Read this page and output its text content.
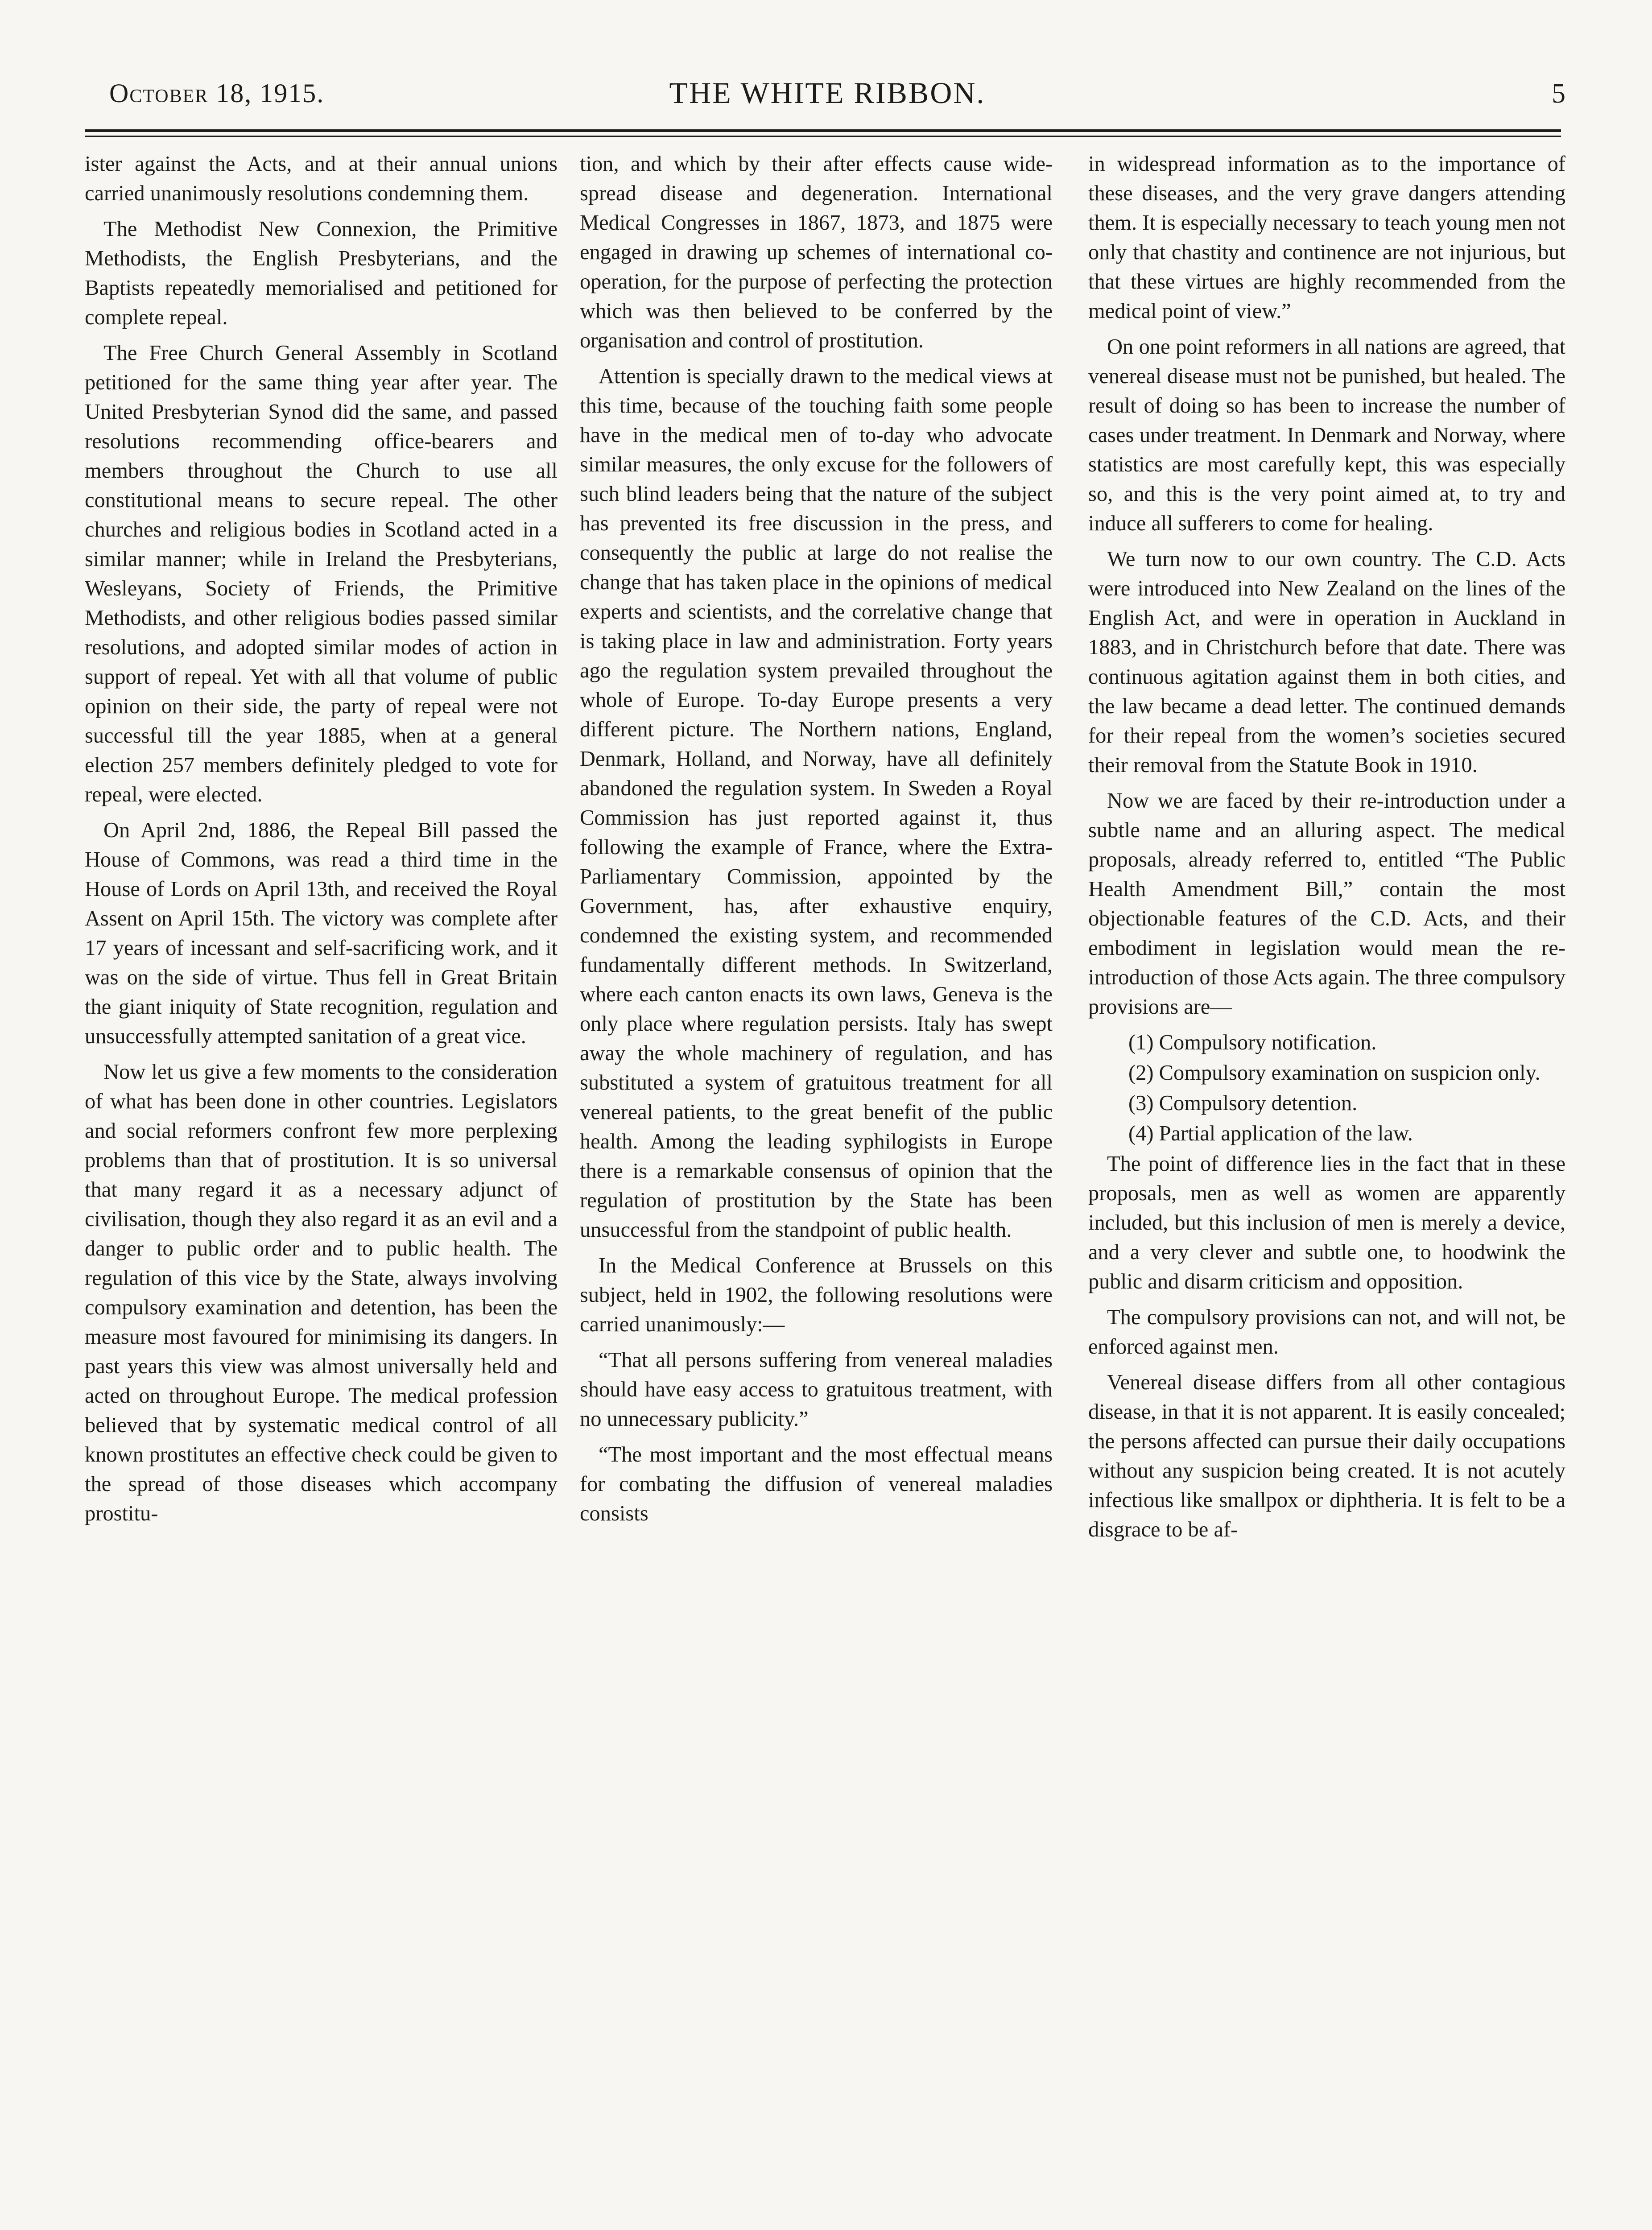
October 18, 1915.	THE WHITE RIBBON.	5

ister against the Acts, and at their annual unions carried unanimously resolutions condemning them.

The Methodist New Connexion, the Primitive Methodists, the English Presbyterians, and the Baptists repeatedly memorialised and petitioned for complete repeal.

The Free Church General Assembly in Scotland petitioned for the same thing year after year. The United Presbyterian Synod did the same, and passed resolutions recommending office-bearers and members throughout the Church to use all constitutional means to secure repeal. The other churches and religious bodies in Scotland acted in a similar manner; while in Ireland the Presbyterians, Wesleyans, Society of Friends, the Primitive Methodists, and other religious bodies passed similar resolutions, and adopted similar modes of action in support of repeal. Yet with all that volume of public opinion on their side, the party of repeal were not successful till the year 1885, when at a general election 257 members definitely pledged to vote for repeal, were elected.

On April 2nd, 1886, the Repeal Bill passed the House of Commons, was read a third time in the House of Lords on April 13th, and received the Royal Assent on April 15th. The victory was complete after 17 years of incessant and self-sacrificing work, and it was on the side of virtue. Thus fell in Great Britain the giant iniquity of State recognition, regulation and unsuccessfully attempted sanitation of a great vice.

Now let us give a few moments to the consideration of what has been done in other countries. Legislators and social reformers confront few more perplexing problems than that of prostitution. It is so universal that many regard it as a necessary adjunct of civilisation, though they also regard it as an evil and a danger to public order and to public health. The regulation of this vice by the State, always involving compulsory examination and detention, has been the measure most favoured for minimising its dangers. In past years this view was almost universally held and acted on throughout Europe. The medical profession believed that by systematic medical control of all known prostitutes an effective check could be given to the spread of those diseases which accompany prostitu-

tion, and which by their after effects cause wide-spread disease and degeneration. International Medical Congresses in 1867, 1873, and 1875 were engaged in drawing up schemes of international co-operation, for the purpose of perfecting the protection which was then believed to be conferred by the organisation and control of prostitution.

Attention is specially drawn to the medical views at this time, because of the touching faith some people have in the medical men of to-day who advocate similar measures, the only excuse for the followers of such blind leaders being that the nature of the subject has prevented its free discussion in the press, and consequently the public at large do not realise the change that has taken place in the opinions of medical experts and scientists, and the correlative change that is taking place in law and administration. Forty years ago the regulation system prevailed throughout the whole of Europe. To-day Europe presents a very different picture. The Northern nations, England, Denmark, Holland, and Norway, have all definitely abandoned the regulation system. In Sweden a Royal Commission has just reported against it, thus following the example of France, where the Extra-Parliamentary Commission, appointed by the Government, has, after exhaustive enquiry, condemned the existing system, and recommended fundamentally different methods. In Switzerland, where each canton enacts its own laws, Geneva is the only place where regulation persists. Italy has swept away the whole machinery of regulation, and has substituted a system of gratuitous treatment for all venereal patients, to the great benefit of the public health. Among the leading syphilogists in Europe there is a remarkable consensus of opinion that the regulation of prostitution by the State has been unsuccessful from the standpoint of public health.

In the Medical Conference at Brussels on this subject, held in 1902, the following resolutions were carried unanimously:—

“That all persons suffering from venereal maladies should have easy access to gratuitous treatment, with no unnecessary publicity.”

“The most important and the most effectual means for combating the diffusion of venereal maladies consists

in widespread information as to the importance of these diseases, and the very grave dangers attending them. It is especially necessary to teach young men not only that chastity and continence are not injurious, but that these virtues are highly recommended from the medical point of view.”

On one point reformers in all nations are agreed, that venereal disease must not be punished, but healed. The result of doing so has been to increase the number of cases under treatment. In Denmark and Norway, where statistics are most carefully kept, this was especially so, and this is the very point aimed at, to try and induce all sufferers to come for healing.

We turn now to our own country. The C.D. Acts were introduced into New Zealand on the lines of the English Act, and were in operation in Auckland in 1883, and in Christchurch before that date. There was continuous agitation against them in both cities, and the law became a dead letter. The continued demands for their repeal from the women’s societies secured their removal from the Statute Book in 1910.

Now we are faced by their re-introduction under a subtle name and an alluring aspect. The medical proposals, already referred to, entitled “The Public Health Amendment Bill,” contain the most objectionable features of the C.D. Acts, and their embodiment in legislation would mean the re-introduction of those Acts again. The three compulsory provisions are—

(1) Compulsory notification.

(2) Compulsory examination on suspicion only.

(3) Compulsory detention.

(4) Partial application of the law.

The point of difference lies in the fact that in these proposals, men as well as women are apparently included, but this inclusion of men is merely a device, and a very clever and subtle one, to hoodwink the public and disarm criticism and opposition.

The compulsory provisions can not, and will not, be enforced against men.

Venereal disease differs from all other contagious disease, in that it is not apparent. It is easily concealed; the persons affected can pursue their daily occupations without any suspicion being created. It is not acutely infectious like smallpox or diphtheria. It is felt to be a disgrace to be af-
